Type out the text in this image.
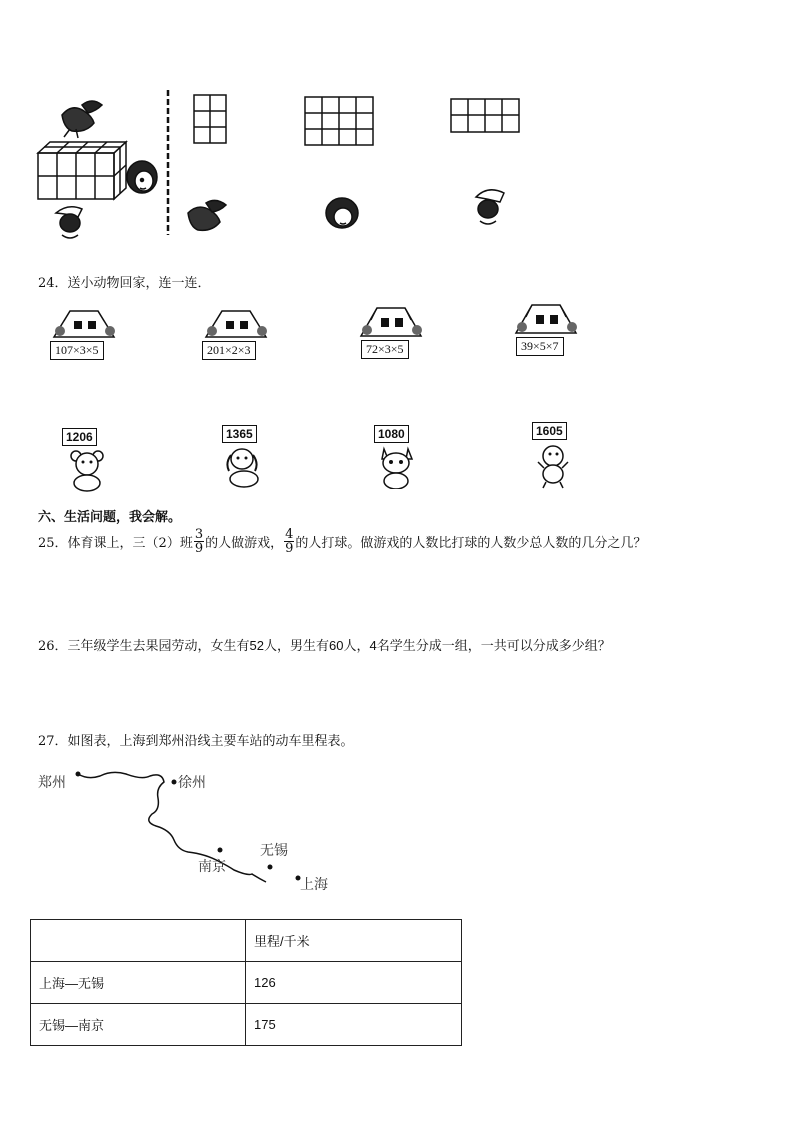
24．送小动物回家，连一连．
107×3×5	201×2×3	72×3×5	39×5×7
1206	1365	1080	1605
六、生活问题，我会解。
25．体育课上，三（2）班 $\frac{3}{9}$ 的人做游戏， $\frac{4}{9}$ 的人打球。做游戏的人数比打球的人数少总人数的几分之几？
26．三年级学生去果园劳动，女生有52人，男生有60人，4名学生分成一组，一共可以分成多少组？
27．如图表，上海到郑州沿线主要车站的动车里程表。
郑州	徐州
无锡
南京
上海
	里程/千米
上海—无锡	126
无锡—南京	175
